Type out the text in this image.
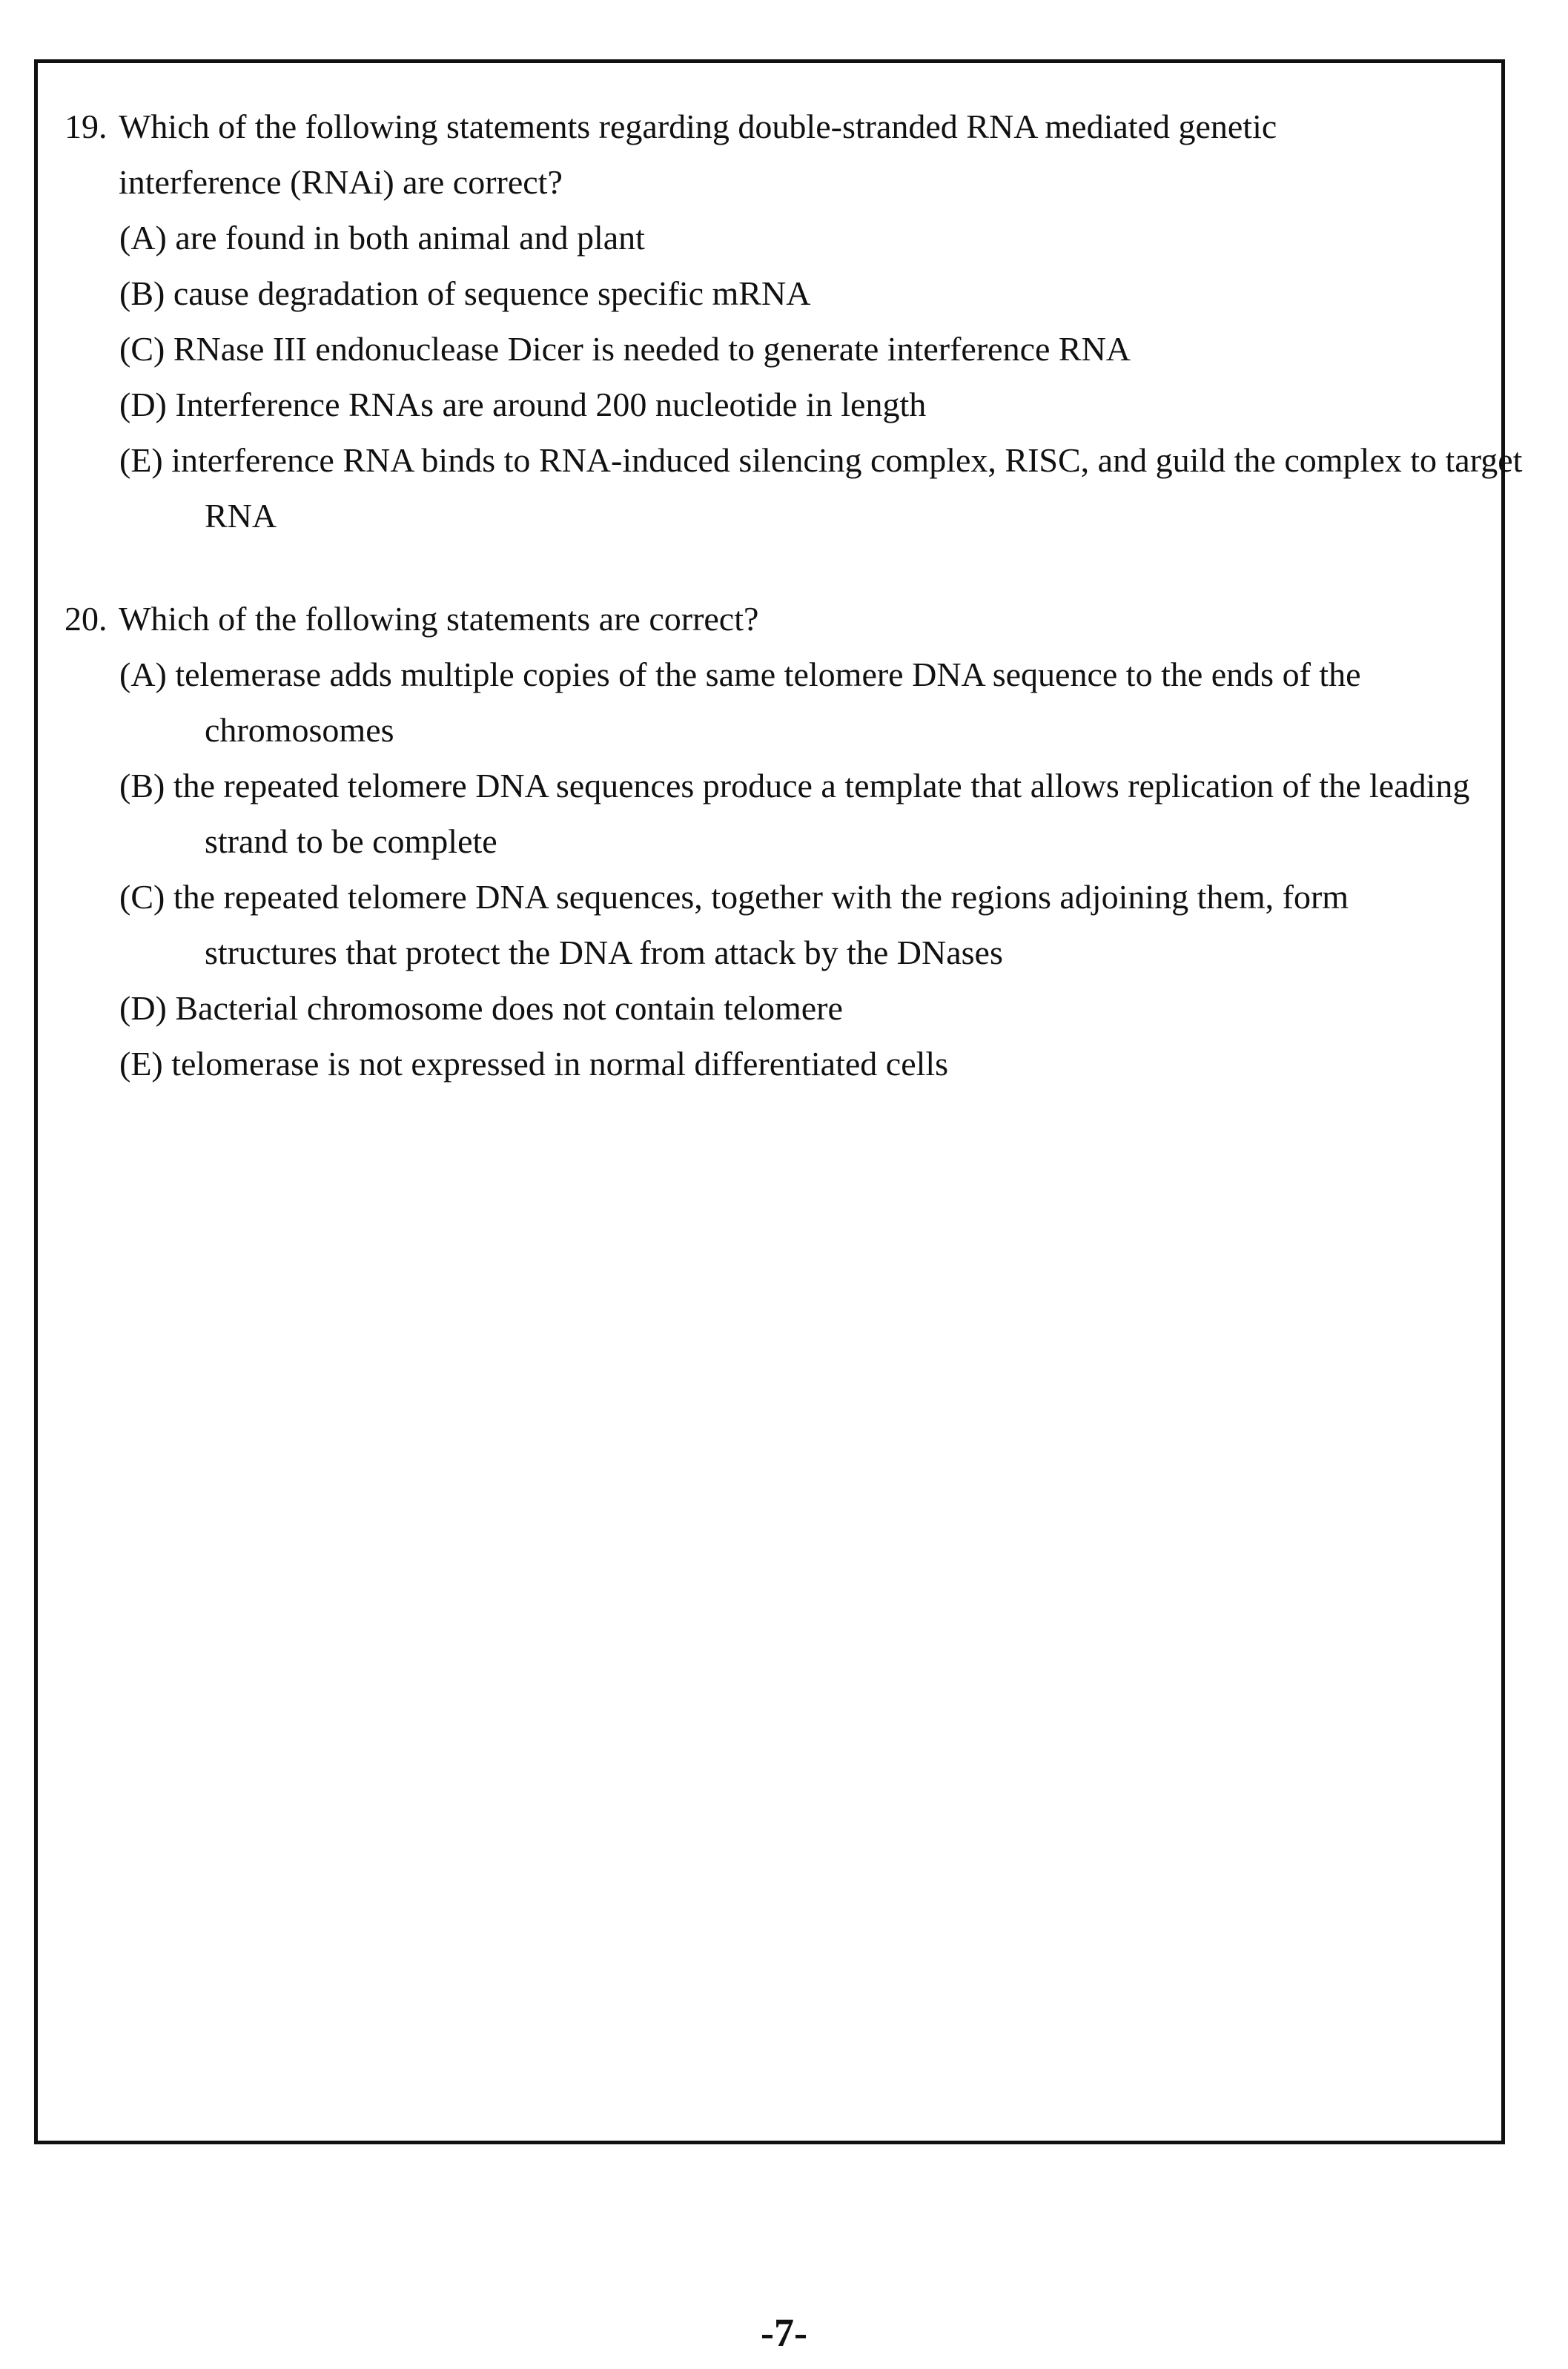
19. Which of the following statements regarding double-stranded RNA mediated genetic
interference (RNAi) are correct?
(A) are found in both animal and plant
(B) cause degradation of sequence specific mRNA
(C) RNase III endonuclease Dicer is needed to generate interference RNA
(D) Interference RNAs are around 200 nucleotide in length
(E) interference RNA binds to RNA-induced silencing complex, RISC, and guild the complex to target RNA
20. Which of the following statements are correct?
(A) telemerase adds multiple copies of the same telomere DNA sequence to the ends of the chromosomes
(B) the repeated telomere DNA sequences produce a template that allows replication of the leading strand to be complete
(C) the repeated telomere DNA sequences, together with the regions adjoining them, form structures that protect the DNA from attack by the DNases
(D) Bacterial chromosome does not contain telomere
(E) telomerase is not expressed in normal differentiated cells
-7-
